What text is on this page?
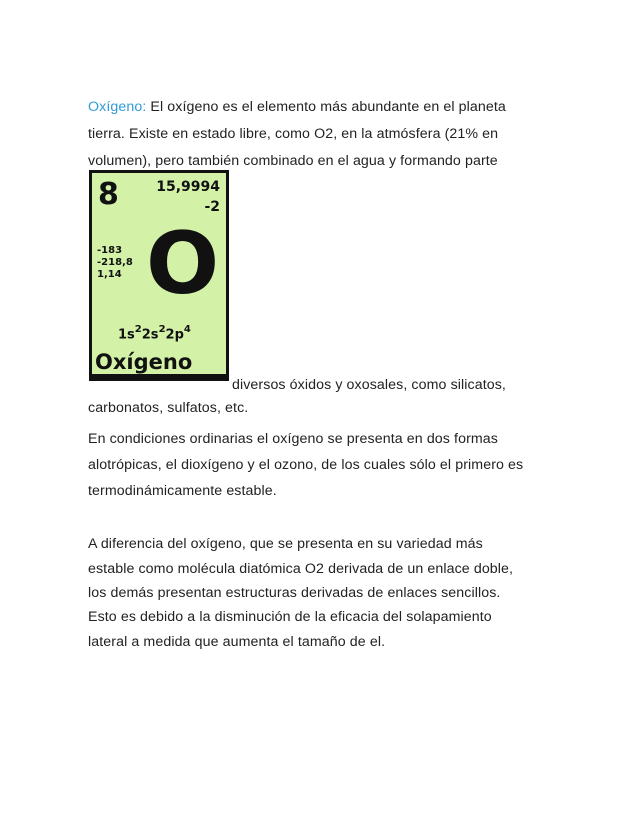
Oxígeno: El oxígeno es el elemento más abundante en el planeta
tierra. Existe en estado libre, como O2, en la atmósfera (21% en
volumen), pero también combinado en el agua y formando parte
8	15,9994
-2
-183
-218,8
1,14 O
$1s^22s^22p^4$
Oxígeno
diversos óxidos y oxosales, como silicatos,
carbonatos, sulfatos, etc.
En condiciones ordinarias el oxígeno se presenta en dos formas
alotrópicas, el dioxígeno y el ozono, de los cuales sólo el primero es
termodinámicamente estable.
A diferencia del oxígeno, que se presenta en su variedad más
estable como molécula diatómica O2 derivada de un enlace doble,
los demás presentan estructuras derivadas de enlaces sencillos.
Esto es debido a la disminución de la eficacia del solapamiento
lateral a medida que aumenta el tamaño de el.
